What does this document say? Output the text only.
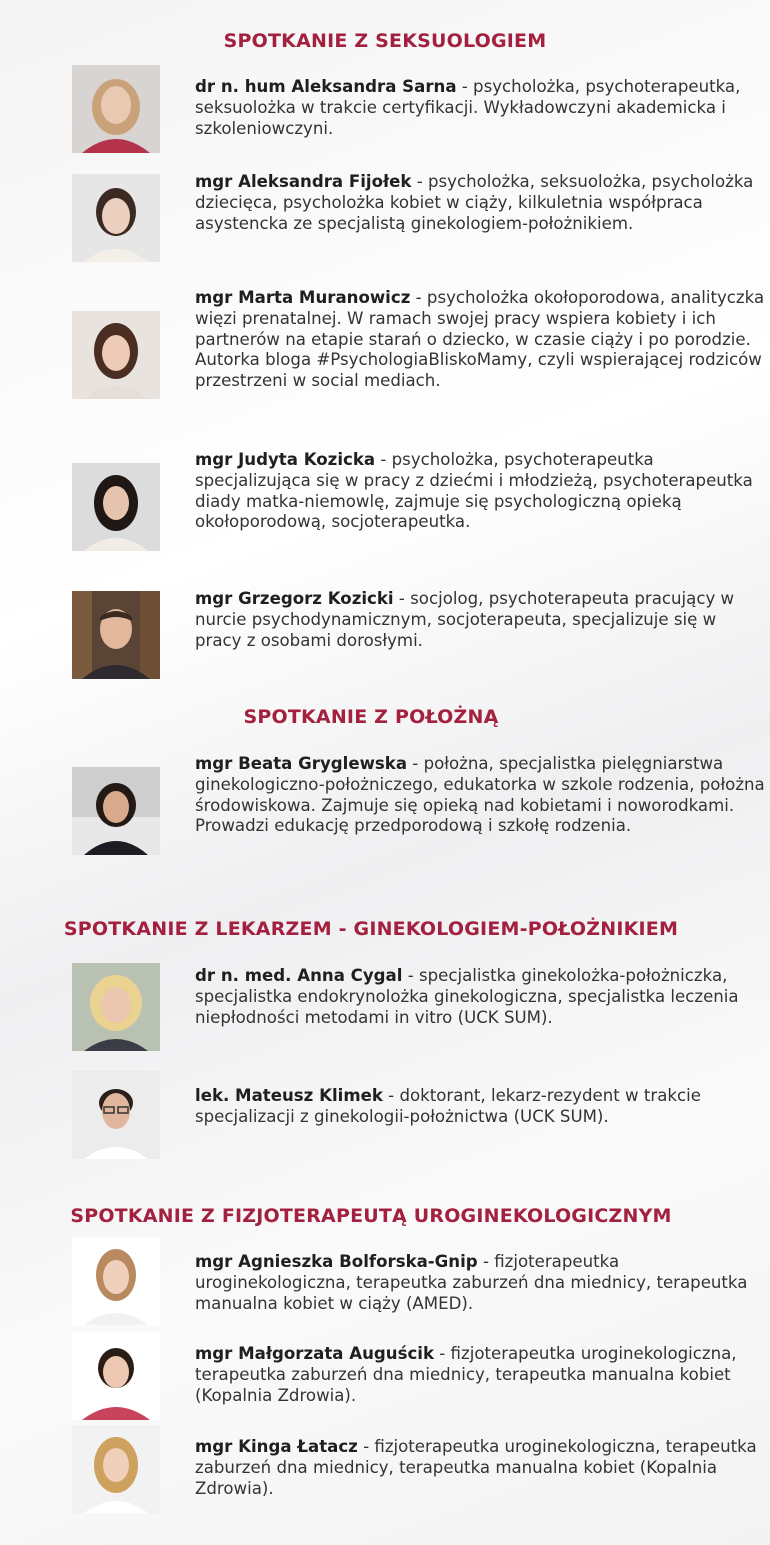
SPOTKANIE Z SEKSUOLOGIEM
dr n. hum Aleksandra Sarna - psycholożka, psychoterapeutka, seksuolożka w trakcie certyfikacji. Wykładowczyni akademicka i szkoleniowczyni.
mgr Aleksandra Fijołek - psycholożka, seksuolożka, psycholożka dziecięca, psycholożka kobiet w ciąży, kilkuletnia współpraca asystencka ze specjalistą ginekologiem-położnikiem.
mgr Marta Muranowicz - psycholożka okołoporodowa, analityczka więzi prenatalnej. W ramach swojej pracy wspiera kobiety i ich partnerów na etapie starań o dziecko, w czasie ciąży i po porodzie. Autorka bloga #PsychologiaBliskoMamy, czyli wspierającej rodziców przestrzeni w social mediach.
mgr Judyta Kozicka - psycholożka, psychoterapeutka specjalizująca się w pracy z dziećmi i młodzieżą, psychoterapeutka diady matka-niemowlę, zajmuje się psychologiczną opieką okołoporodową, socjoterapeutka.
mgr Grzegorz Kozicki - socjolog, psychoterapeuta pracujący w nurcie psychodynamicznym, socjoterapeuta, specjalizuje się w pracy z osobami dorosłymi.
SPOTKANIE Z POŁOŻNĄ
mgr Beata Gryglewska - położna, specjalistka pielęgniarstwa ginekologiczno-położniczego, edukatorka w szkole rodzenia, położna środowiskowa. Zajmuje się opieką nad kobietami i noworodkami. Prowadzi edukację przedporodową i szkołę rodzenia.
SPOTKANIE Z LEKARZEM - GINEKOLOGIEM-POŁOŻNIKIEM
dr n. med. Anna Cygal - specjalistka ginekolożka-położniczka, specjalistka endokrynolożka ginekologiczna, specjalistka leczenia niepłodności metodami in vitro (UCK SUM).
lek. Mateusz Klimek - doktorant, lekarz-rezydent w trakcie specjalizacji z ginekologii-położnictwa (UCK SUM).
SPOTKANIE Z FIZJOTERAPEUTĄ UROGINEKOLOGICZNYM
mgr Agnieszka Bolforska-Gnip - fizjoterapeutka uroginekologiczna, terapeutka zaburzeń dna miednicy, terapeutka manualna kobiet w ciąży (AMED).
mgr Małgorzata Auguścik - fizjoterapeutka uroginekologiczna, terapeutka zaburzeń dna miednicy, terapeutka manualna kobiet (Kopalnia Zdrowia).
mgr Kinga Łatacz - fizjoterapeutka uroginekologiczna, terapeutka zaburzeń dna miednicy, terapeutka manualna kobiet (Kopalnia Zdrowia).
